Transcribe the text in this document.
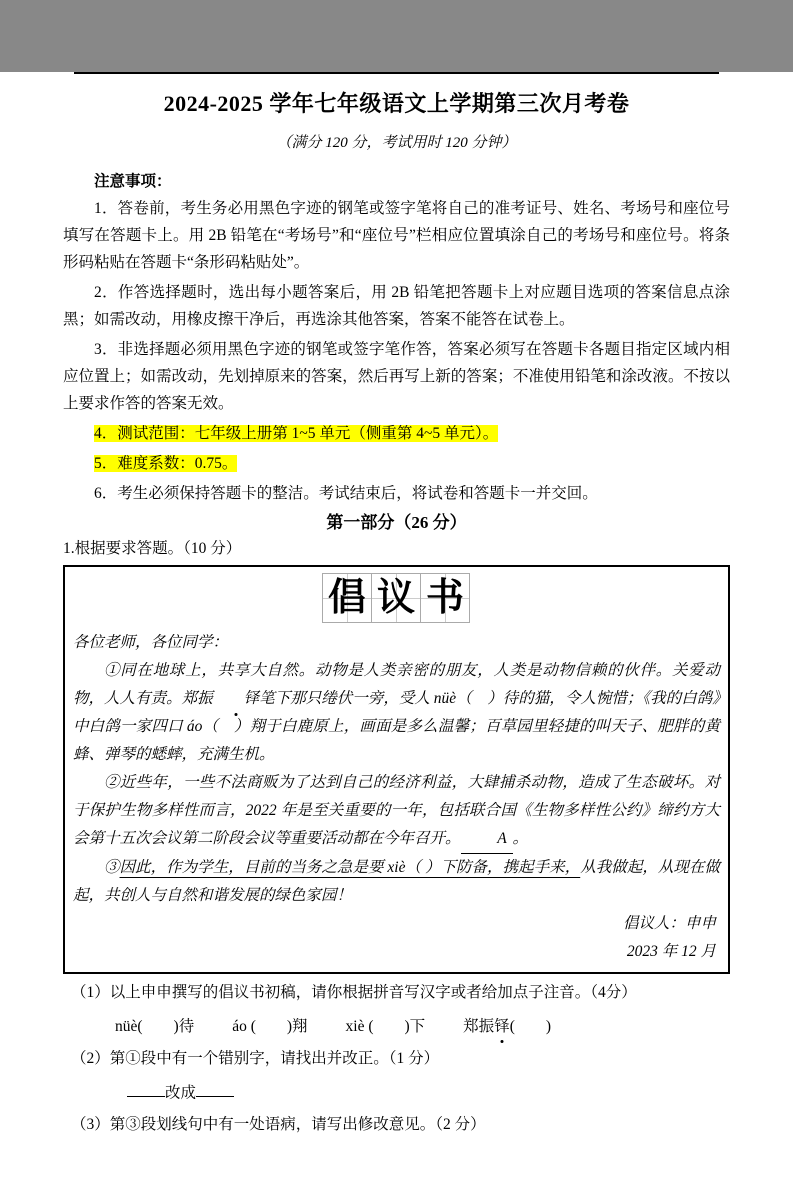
2024-2025 学年七年级语文上学期第三次月考卷
（满分 120 分，考试用时 120 分钟）

注意事项：

1．答卷前，考生务必用黑色字迹的钢笔或签字笔将自己的准考证号、姓名、考场号和座位号填写在答题卡上。用 2B 铅笔在“考场号”和“座位号”栏相应位置填涂自己的考场号和座位号。将条形码粘贴在答题卡“条形码粘贴处”。

2．作答选择题时，选出每小题答案后，用 2B 铅笔把答题卡上对应题目选项的答案信息点涂黑；如需改动，用橡皮擦干净后，再选涂其他答案，答案不能答在试卷上。

3．非选择题必须用黑色字迹的钢笔或签字笔作答，答案必须写在答题卡各题目指定区域内相应位置上；如需改动，先划掉原来的答案，然后再写上新的答案；不准使用铅笔和涂改液。不按以上要求作答的答案无效。

4．测试范围：七年级上册第 1~5 单元（侧重第 4~5 单元）。

5．难度系数：0.75。

6．考生必须保持答题卡的整洁。考试结束后，将试卷和答题卡一并交回。

第一部分（26 分）

1.根据要求答题。（10 分）

倡 议 书

各位老师，各位同学：

①同在地球上，共享大自然。动物是人类亲密的朋友，人类是动物信赖的伙伴。关爱动物，人人有责。郑振 铎笔下那只绻伏一旁，受人 nüè（　）待的猫，令人惋惜；《我的白鸽》中白鸽一家四口 áo（　）翔于白鹿原上，画面是多么温馨；百草园里轻捷的叫天子、肥胖的黄蜂、弹琴的蟋蟀，充满生机。

②近些年，一些不法商贩为了达到自己的经济利益，大肆捕杀动物，造成了生态破坏。对于保护生物多样性而言，2022 年是至关重要的一年，包括联合国《生物多样性公约》缔约方大会第十五次会议第二阶段会议等重要活动都在今年召开。 A 。

③因此，作为学生，目前的当务之急是要 xiè（ ）下防备，携起手来，从我做起，从现在做起，共创人与自然和谐发展的绿色家园！

倡议人：申申

2023 年 12 月

（1）以上申申撰写的倡议书初稿，请你根据拼音写汉字或者给加点子注音。（4分）

nüè(　　)待 áo (　　)翔 xiè (　　)下 郑振铎(　　)

（2）第①段中有一个错别字，请找出并改正。（1 分）

改成

（3）第③段划线句中有一处语病，请写出修改意见。（2 分）
